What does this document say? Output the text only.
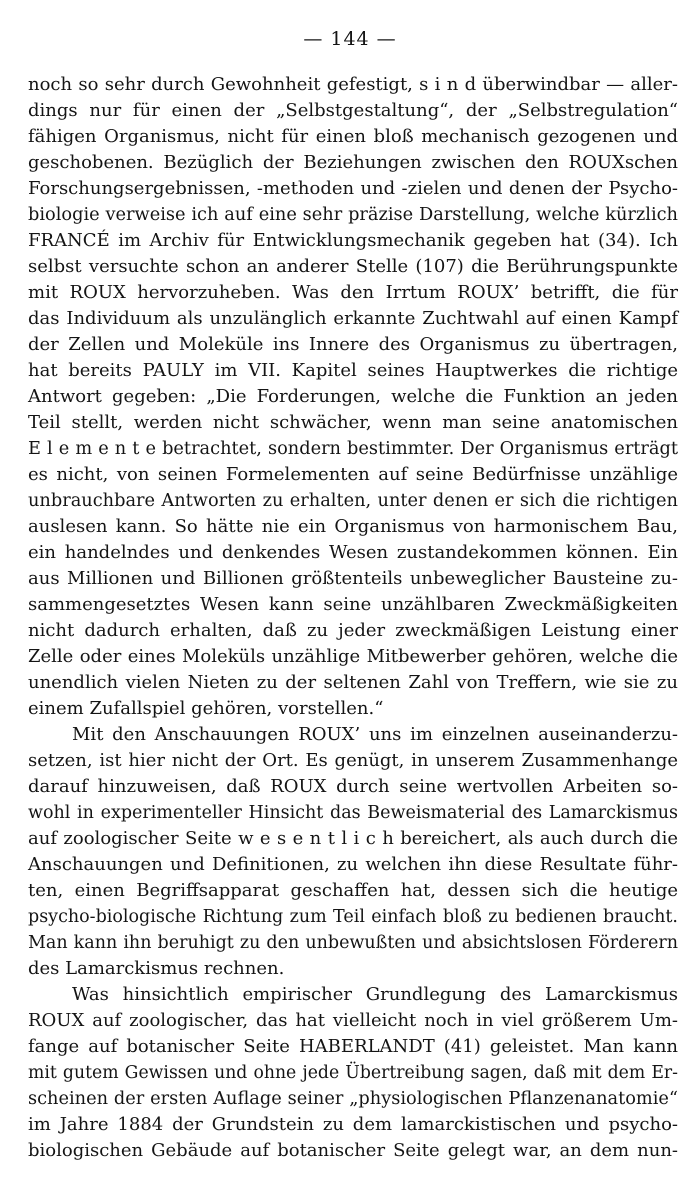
— 144 —
noch so sehr durch Gewohnheit gefestigt, s i n d überwindbar — aller-
dings nur für einen der „Selbstgestaltung“, der „Selbstregulation“
fähigen Organismus, nicht für einen bloß mechanisch gezogenen und
geschobenen. Bezüglich der Beziehungen zwischen den ROUXschen
Forschungsergebnissen, -methoden und -zielen und denen der Psycho-
biologie verweise ich auf eine sehr präzise Darstellung, welche kürzlich
FRANCÉ im Archiv für Entwicklungsmechanik gegeben hat (34). Ich
selbst versuchte schon an anderer Stelle (107) die Berührungspunkte
mit ROUX hervorzuheben. Was den Irrtum ROUX’ betrifft, die für
das Individuum als unzulänglich erkannte Zuchtwahl auf einen Kampf
der Zellen und Moleküle ins Innere des Organismus zu übertragen,
hat bereits PAULY im VII. Kapitel seines Hauptwerkes die richtige
Antwort gegeben: „Die Forderungen, welche die Funktion an jeden
Teil stellt, werden nicht schwächer, wenn man seine anatomischen
E l e m e n t e betrachtet, sondern bestimmter. Der Organismus erträgt
es nicht, von seinen Formelementen auf seine Bedürfnisse unzählige
unbrauchbare Antworten zu erhalten, unter denen er sich die richtigen
auslesen kann. So hätte nie ein Organismus von harmonischem Bau,
ein handelndes und denkendes Wesen zustandekommen können. Ein
aus Millionen und Billionen größtenteils unbeweglicher Bausteine zu-
sammengesetztes Wesen kann seine unzählbaren Zweckmäßigkeiten
nicht dadurch erhalten, daß zu jeder zweckmäßigen Leistung einer
Zelle oder eines Moleküls unzählige Mitbewerber gehören, welche die
unendlich vielen Nieten zu der seltenen Zahl von Treffern, wie sie zu
einem Zufallspiel gehören, vorstellen.“
Mit den Anschauungen ROUX’ uns im einzelnen auseinanderzu-
setzen, ist hier nicht der Ort. Es genügt, in unserem Zusammenhange
darauf hinzuweisen, daß ROUX durch seine wertvollen Arbeiten so-
wohl in experimenteller Hinsicht das Beweismaterial des Lamarckismus
auf zoologischer Seite w e s e n t l i c h bereichert, als auch durch die
Anschauungen und Definitionen, zu welchen ihn diese Resultate führ-
ten, einen Begriffsapparat geschaffen hat, dessen sich die heutige
psycho-biologische Richtung zum Teil einfach bloß zu bedienen braucht.
Man kann ihn beruhigt zu den unbewußten und absichtslosen Förderern
des Lamarckismus rechnen.
Was hinsichtlich empirischer Grundlegung des Lamarckismus
ROUX auf zoologischer, das hat vielleicht noch in viel größerem Um-
fange auf botanischer Seite HABERLANDT (41) geleistet. Man kann
mit gutem Gewissen und ohne jede Übertreibung sagen, daß mit dem Er-
scheinen der ersten Auflage seiner „physiologischen Pflanzenanatomie“
im Jahre 1884 der Grundstein zu dem lamarckistischen und psycho-
biologischen Gebäude auf botanischer Seite gelegt war, an dem nun-
